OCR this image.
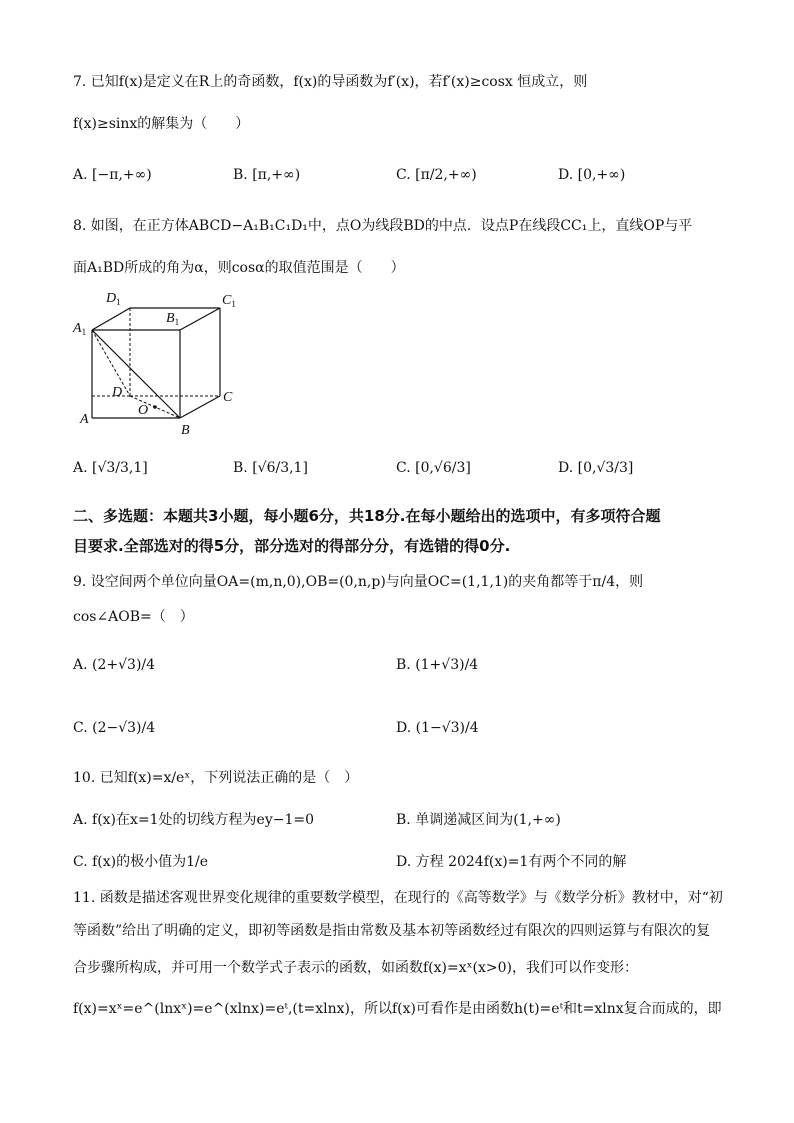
7. 已知f(x)是定义在R上的奇函数，f(x)的导函数为f′(x)，若f′(x)≥cosx 恒成立，则
f(x)≥sinx的解集为（　　）
A. [−π,+∞)	B. [π,+∞)	C. [π/2,+∞)	D. [0,+∞)
8. 如图，在正方体ABCD−A₁B₁C₁D₁中，点O为线段BD的中点．设点P在线段CC₁上，直线OP与平
面A₁BD所成的角为α，则cosα的取值范围是（　　）
$D_1$
$B_1$
$C_1$
$A_1$
D
O
C
A
B
A. [√3/3,1]	B. [√6/3,1]	C. [0,√6/3]	D. [0,√3/3]
二、多选题：本题共3小题，每小题6分，共18分.在每小题给出的选项中，有多项符合题
目要求.全部选对的得5分，部分选对的得部分分，有选错的得0分.
9. 设空间两个单位向量OA=(m,n,0),OB=(0,n,p)与向量OC=(1,1,1)的夹角都等于π/4，则
cos∠AOB=（　）
A. (2+√3)/4	B. (1+√3)/4
C. (2−√3)/4	D. (1−√3)/4
10. 已知f(x)=x/eˣ，下列说法正确的是（　）
A. f(x)在x=1处的切线方程为ey−1=0	B. 单调递减区间为(1,+∞)
C. f(x)的极小值为1/e	D. 方程 2024f(x)=1有两个不同的解
11. 函数是描述客观世界变化规律的重要数学模型，在现行的《高等数学》与《数学分析》教材中，对“初
等函数”给出了明确的定义，即初等函数是指由常数及基本初等函数经过有限次的四则运算与有限次的复
合步骤所构成，并可用一个数学式子表示的函数，如函数f(x)=xˣ(x>0)，我们可以作变形：
f(x)=xˣ=e^(lnxˣ)=e^(xlnx)=eᵗ,(t=xlnx)，所以f(x)可看作是由函数h(t)=eᵗ和t=xlnx复合而成的，即
